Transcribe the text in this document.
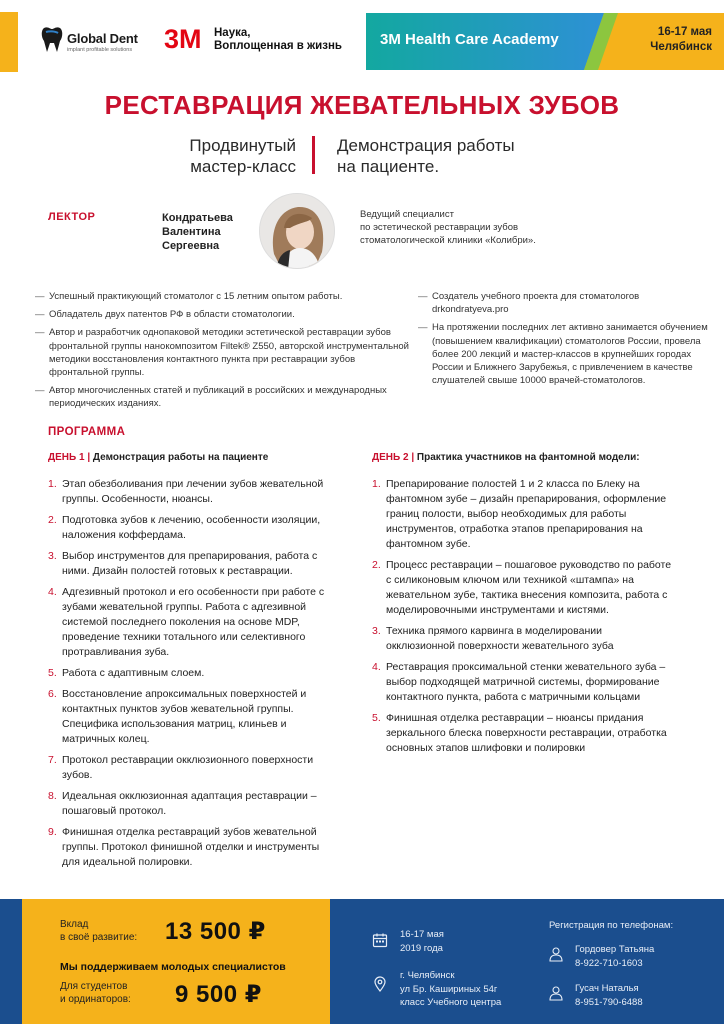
Global Dent
implant profitable solutions 3M Наука,
Воплощенная в жизнь	3M Health Care Academy	16-17 мая
Челябинск
РЕСТАВРАЦИЯ ЖЕВАТЕЛЬНЫХ ЗУБОВ
Продвинутый
мастер-класс
Демонстрация работы
на пациенте.
ЛЕКТОР	Кондратьева
Валентина
Сергеевна
Ведущий специалист
по эстетической реставрации зубов
стоматологической клиники «Колибри».
— Успешный практикующий стоматолог с 15 летним опытом работы.
— Обладатель двух патентов РФ в области стоматологии.
— Автор и разработчик однопаковой методики эстетической реставрации зубов фронтальной группы нанокомпозитом Filtek® Z550, авторской инструментальной методики восстановления контактного пункта при реставрации зубов фронтальной группы.
— Автор многочисленных статей и публикаций в российских и международных периодических изданиях.
— Создатель учебного проекта для стоматологов drkondratyeva.pro
— На протяжении последних лет активно занимается обучением (повышением квалификации) стоматологов России, провела более 200 лекций и мастер-классов в крупнейших городах России и Ближнего Зарубежья, с привлечением в качестве слушателей свыше 10000 врачей-стоматологов.
ПРОГРАММА
ДЕНЬ 1 | Демонстрация работы на пациенте	ДЕНЬ 2 | Практика участников на фантомной модели:
1. Этап обезболивания при лечении зубов жевательной группы. Особенности, нюансы.
2. Подготовка зубов к лечению, особенности изоляции, наложения коффердама.
3. Выбор инструментов для препарирования, работа с ними. Дизайн полостей готовых к реставрации.
4. Адгезивный протокол и его особенности при работе с зубами жевательной группы. Работа с адгезивной системой последнего поколения на основе MDP, проведение техники тотального или селективного протравливания зуба.
5. Работа с адаптивным слоем.
6. Восстановление апроксимальных поверхностей и контактных пунктов зубов жевательной группы. Специфика использования матриц, клиньев и матричных колец.
7. Протокол реставрации окклюзионного поверхности зубов.
8. Идеальная окклюзионная адаптация реставрации – пошаговый протокол.
9. Финишная отделка реставраций зубов жевательной группы. Протокол финишной отделки и инструменты для идеальной полировки.
1. Препарирование полостей 1 и 2 класса по Блеку на фантомном зубе – дизайн препарирования, оформление границ полости, выбор необходимых для работы инструментов, отработка этапов препарирования на фантомном зубе.
2. Процесс реставрации – пошаговое руководство по работе с силиконовым ключом или техникой «штампа» на жевательном зубе, тактика внесения композита, работа с моделировочными инструментами и кистями.
3. Техника прямого карвинга в моделировании окклюзионной поверхности жевательного зуба
4. Реставрация проксимальной стенки жевательного зуба – выбор подходящей матричной системы, формирование контактного пункта, работа с матричными кольцами
5. Финишная отделка реставрации – нюансы придания зеркального блеска поверхности реставрации, отработка основных этапов шлифовки и полировки
Вклад
в своё развитие: 13 500 ₽
Мы поддерживаем молодых специалистов
Для студентов
и ординаторов: 9 500 ₽
16-17 мая
2019 года
г. Челябинск
ул Бр. Кашириных 54г
класс Учебного центра
Регистрация по телефонам:
Гордовер Татьяна
8-922-710-1603
Гусач Наталья
8-951-790-6488
